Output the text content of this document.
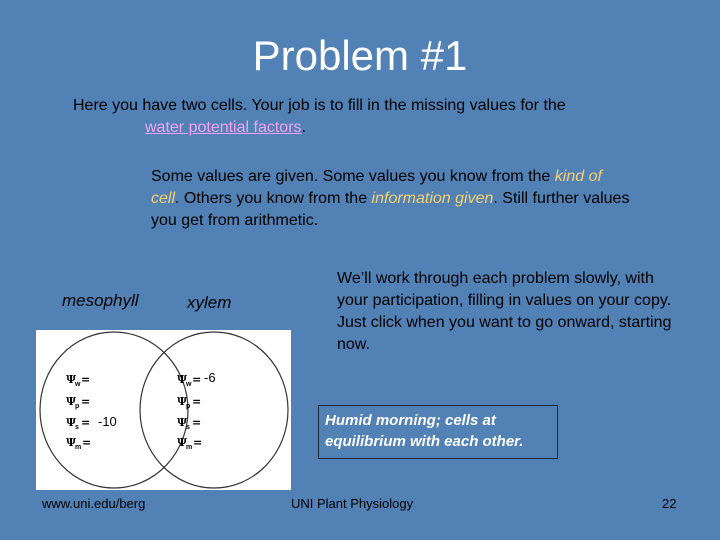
Problem #1
Here you have two cells. Your job is to fill in the missing values for the
water potential factors.
Some values are given. Some values you know from the kind of cell. Others you know from the information given. Still further values you get from arithmetic.
We’ll work through each problem slowly, with your participation, filling in values on your copy. Just click when you want to go onward, starting now.
mesophyll	xylem
Ψ
w =
Ψ
p =
Ψ
s =
Ψ
m =
Ψ
w =
Ψ
p =
Ψ
s =
Ψ
m =
-6
-10	Humid morning; cells at equilibrium with each other.
www.uni.edu/berg	UNI Plant Physiology	22
